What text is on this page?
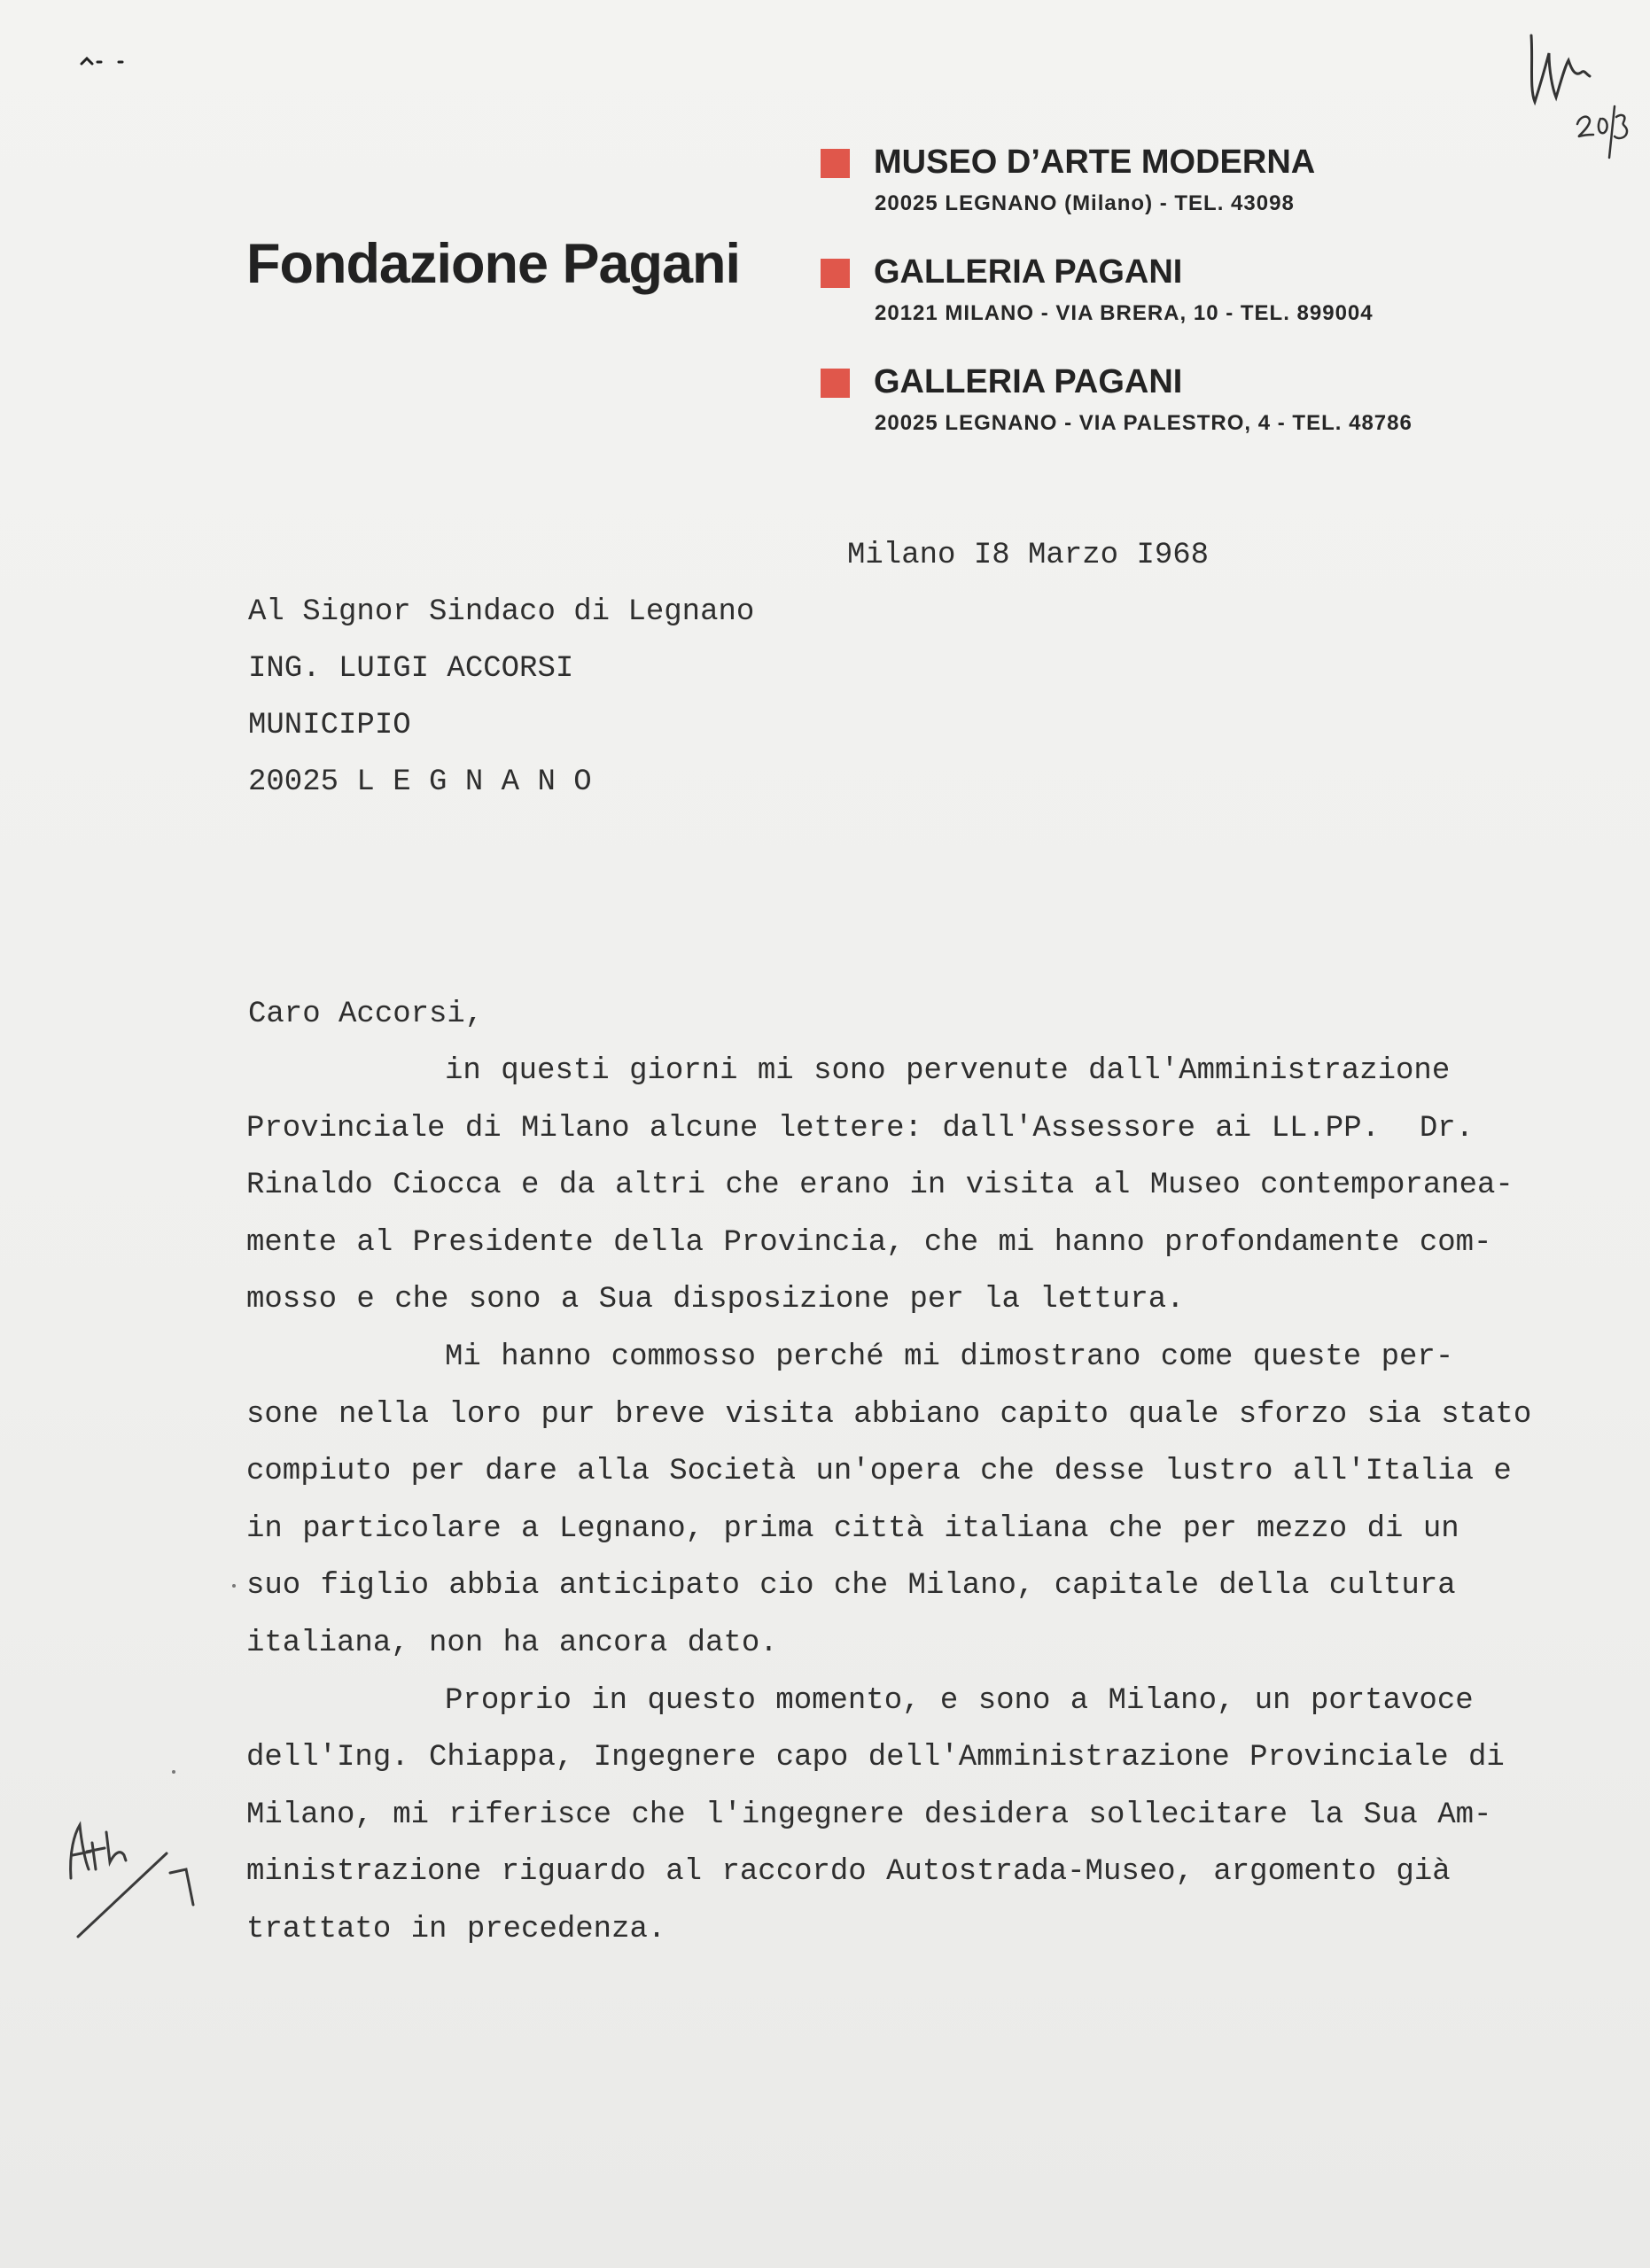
Fondazione Pagani
MUSEO D’ARTE MODERNA
20025 LEGNANO (Milano) - TEL. 43098
GALLERIA PAGANI
20121 MILANO - VIA BRERA, 10 - TEL. 899004
GALLERIA PAGANI
20025 LEGNANO - VIA PALESTRO, 4 - TEL. 48786
Milano I8 Marzo I968
Al Signor Sindaco di Legnano
ING. LUIGI ACCORSI
MUNICIPIO
20025 L E G N A N O
Caro Accorsi,
in questi giorni mi sono pervenute dall'Amministrazione
Provinciale di Milano alcune lettere: dall'Assessore ai LL.PP.  Dr.
Rinaldo Ciocca e da altri che erano in visita al Museo contemporanea-
mente al Presidente della Provincia, che mi hanno profondamente com-
mosso e che sono a Sua disposizione per la lettura.
Mi hanno commosso perché mi dimostrano come queste per-
sone nella loro pur breve visita abbiano capito quale sforzo sia stato
compiuto per dare alla Società un'opera che desse lustro all'Italia e
in particolare a Legnano, prima città italiana che per mezzo di un
suo figlio abbia anticipato cio che Milano, capitale della cultura
italiana, non ha ancora dato.
Proprio in questo momento, e sono a Milano, un portavoce
dell'Ing. Chiappa, Ingegnere capo dell'Amministrazione Provinciale di
Milano, mi riferisce che l'ingegnere desidera sollecitare la Sua Am-
ministrazione riguardo al raccordo Autostrada-Museo, argomento già
trattato in precedenza.
